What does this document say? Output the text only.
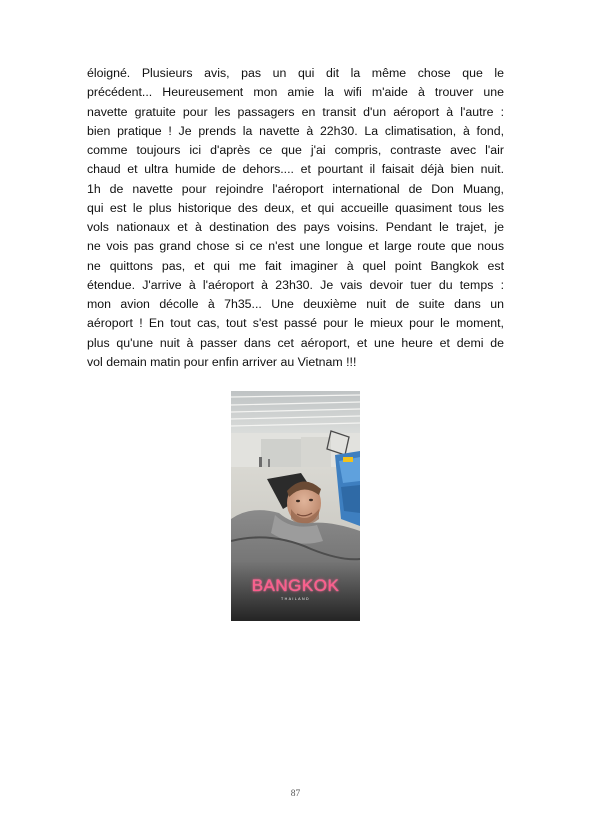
éloigné. Plusieurs avis, pas un qui dit la même chose que le
précédent... Heureusement mon amie la wifi m'aide à trouver une
navette gratuite pour les passagers en transit d'un aéroport à l'autre :
bien pratique ! Je prends la navette à 22h30. La climatisation, à fond,
comme toujours ici d'après ce que j'ai compris, contraste avec l'air
chaud et ultra humide de dehors.... et pourtant il faisait déjà bien nuit.
1h de navette pour rejoindre l'aéroport international de Don Muang,
qui est le plus historique des deux, et qui accueille quasiment tous les
vols nationaux et à destination des pays voisins. Pendant le trajet, je
ne vois pas grand chose si ce n'est une longue et large route que nous
ne quittons pas, et qui me fait imaginer à quel point Bangkok est
étendue. J'arrive à l'aéroport à 23h30. Je vais devoir tuer du temps :
mon avion décolle à 7h35... Une deuxième nuit de suite dans un
aéroport ! En tout cas, tout s'est passé pour le mieux pour le moment,
plus qu'une nuit à passer dans cet aéroport, et une heure et demi de
vol demain matin pour enfin arriver au Vietnam !!!

BANGKOK
THAILAND
87
